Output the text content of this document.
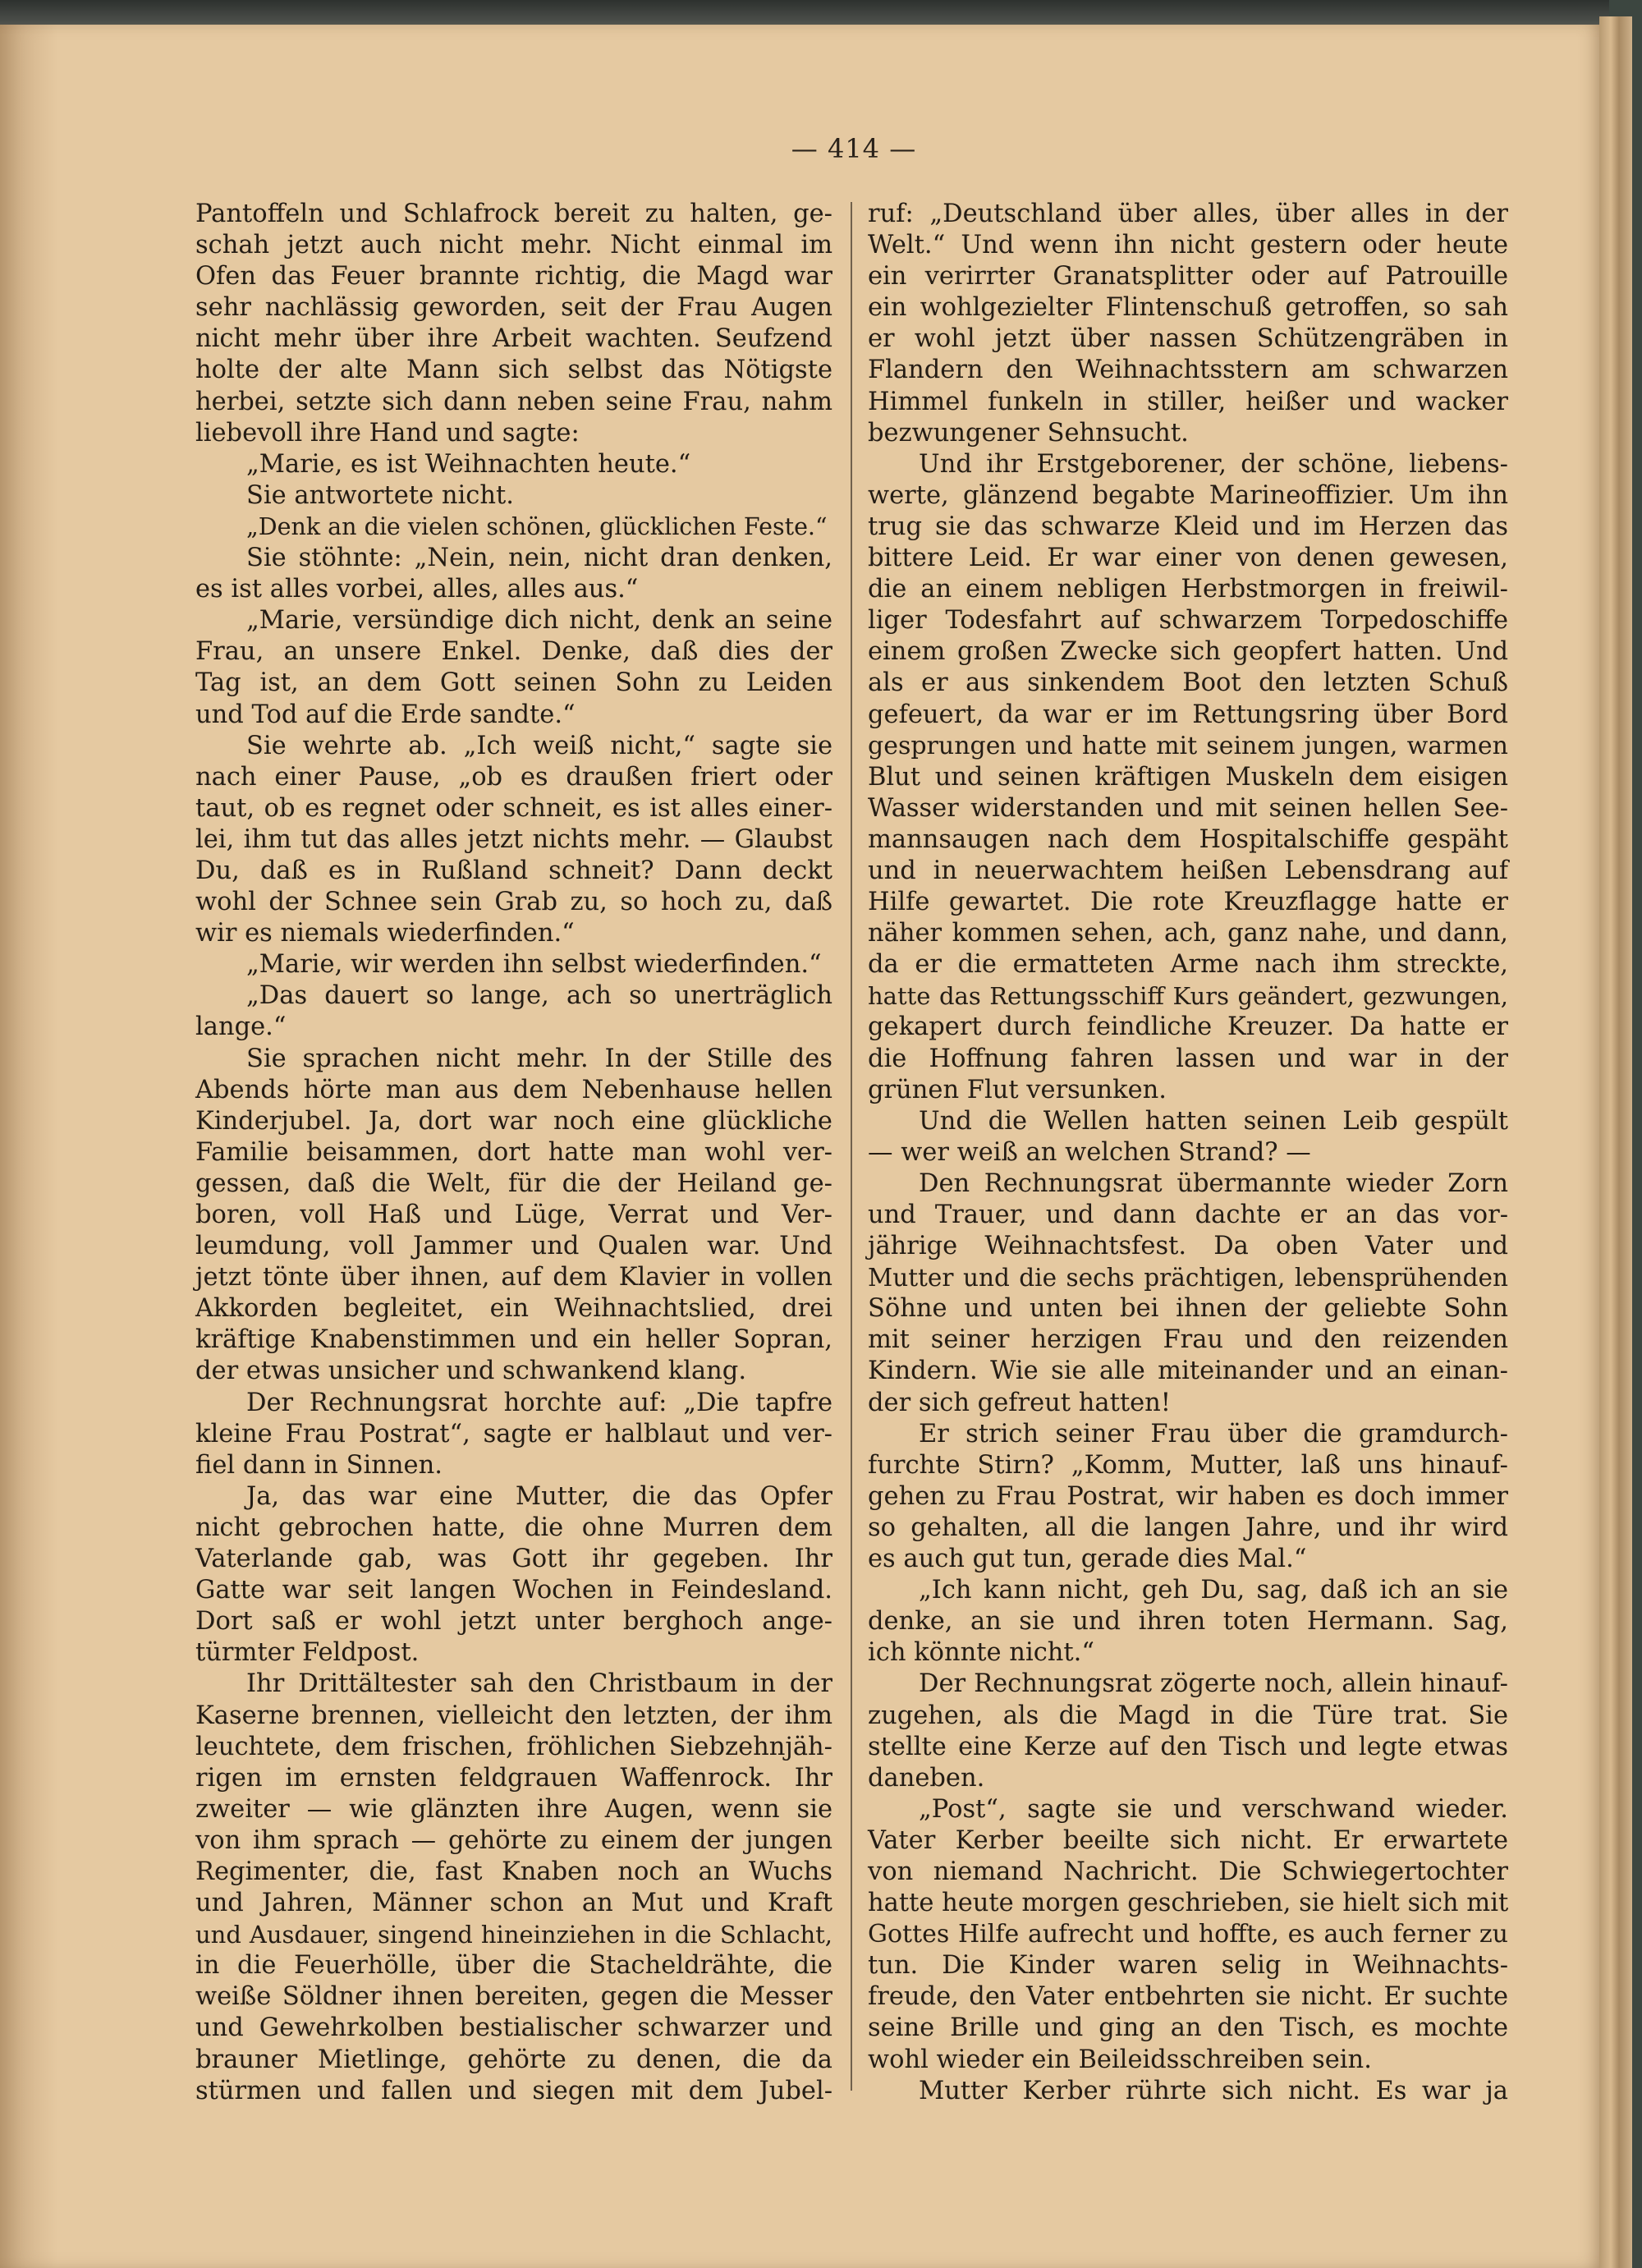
— 414 —
Pantoffeln und Schlafrock bereit zu halten, ge-
schah jetzt auch nicht mehr. Nicht einmal im
Ofen das Feuer brannte richtig, die Magd war
sehr nachlässig geworden, seit der Frau Augen
nicht mehr über ihre Arbeit wachten. Seufzend
holte der alte Mann sich selbst das Nötigste
herbei, setzte sich dann neben seine Frau, nahm
liebevoll ihre Hand und sagte:
„Marie, es ist Weihnachten heute.“
Sie antwortete nicht.
„Denk an die vielen schönen, glücklichen Feste.“
Sie stöhnte: „Nein, nein, nicht dran denken,
es ist alles vorbei, alles, alles aus.“
„Marie, versündige dich nicht, denk an seine
Frau, an unsere Enkel. Denke, daß dies der
Tag ist, an dem Gott seinen Sohn zu Leiden
und Tod auf die Erde sandte.“
Sie wehrte ab. „Ich weiß nicht,“ sagte sie
nach einer Pause, „ob es draußen friert oder
taut, ob es regnet oder schneit, es ist alles einer-
lei, ihm tut das alles jetzt nichts mehr. — Glaubst
Du, daß es in Rußland schneit? Dann deckt
wohl der Schnee sein Grab zu, so hoch zu, daß
wir es niemals wiederfinden.“
„Marie, wir werden ihn selbst wiederfinden.“
„Das dauert so lange, ach so unerträglich
lange.“
Sie sprachen nicht mehr. In der Stille des
Abends hörte man aus dem Nebenhause hellen
Kinderjubel. Ja, dort war noch eine glückliche
Familie beisammen, dort hatte man wohl ver-
gessen, daß die Welt, für die der Heiland ge-
boren, voll Haß und Lüge, Verrat und Ver-
leumdung, voll Jammer und Qualen war. Und
jetzt tönte über ihnen, auf dem Klavier in vollen
Akkorden begleitet, ein Weihnachtslied, drei
kräftige Knabenstimmen und ein heller Sopran,
der etwas unsicher und schwankend klang.
Der Rechnungsrat horchte auf: „Die tapfre
kleine Frau Postrat“, sagte er halblaut und ver-
fiel dann in Sinnen.
Ja, das war eine Mutter, die das Opfer
nicht gebrochen hatte, die ohne Murren dem
Vaterlande gab, was Gott ihr gegeben. Ihr
Gatte war seit langen Wochen in Feindesland.
Dort saß er wohl jetzt unter berghoch ange-
türmter Feldpost.
Ihr Drittältester sah den Christbaum in der
Kaserne brennen, vielleicht den letzten, der ihm
leuchtete, dem frischen, fröhlichen Siebzehnjäh-
rigen im ernsten feldgrauen Waffenrock. Ihr
zweiter — wie glänzten ihre Augen, wenn sie
von ihm sprach — gehörte zu einem der jungen
Regimenter, die, fast Knaben noch an Wuchs
und Jahren, Männer schon an Mut und Kraft
und Ausdauer, singend hineinziehen in die Schlacht,
in die Feuerhölle, über die Stacheldrähte, die
weiße Söldner ihnen bereiten, gegen die Messer
und Gewehrkolben bestialischer schwarzer und
brauner Mietlinge, gehörte zu denen, die da
stürmen und fallen und siegen mit dem Jubel-
ruf: „Deutschland über alles, über alles in der
Welt.“ Und wenn ihn nicht gestern oder heute
ein verirrter Granatsplitter oder auf Patrouille
ein wohlgezielter Flintenschuß getroffen, so sah
er wohl jetzt über nassen Schützengräben in
Flandern den Weihnachtsstern am schwarzen
Himmel funkeln in stiller, heißer und wacker
bezwungener Sehnsucht.
Und ihr Erstgeborener, der schöne, liebens-
werte, glänzend begabte Marineoffizier. Um ihn
trug sie das schwarze Kleid und im Herzen das
bittere Leid. Er war einer von denen gewesen,
die an einem nebligen Herbstmorgen in freiwil-
liger Todesfahrt auf schwarzem Torpedoschiffe
einem großen Zwecke sich geopfert hatten. Und
als er aus sinkendem Boot den letzten Schuß
gefeuert, da war er im Rettungsring über Bord
gesprungen und hatte mit seinem jungen, warmen
Blut und seinen kräftigen Muskeln dem eisigen
Wasser widerstanden und mit seinen hellen See-
mannsaugen nach dem Hospitalschiffe gespäht
und in neuerwachtem heißen Lebensdrang auf
Hilfe gewartet. Die rote Kreuzflagge hatte er
näher kommen sehen, ach, ganz nahe, und dann,
da er die ermatteten Arme nach ihm streckte,
hatte das Rettungsschiff Kurs geändert, gezwungen,
gekapert durch feindliche Kreuzer. Da hatte er
die Hoffnung fahren lassen und war in der
grünen Flut versunken.
Und die Wellen hatten seinen Leib gespült
— wer weiß an welchen Strand? —
Den Rechnungsrat übermannte wieder Zorn
und Trauer, und dann dachte er an das vor-
jährige Weihnachtsfest. Da oben Vater und
Mutter und die sechs prächtigen, lebensprühenden
Söhne und unten bei ihnen der geliebte Sohn
mit seiner herzigen Frau und den reizenden
Kindern. Wie sie alle miteinander und an einan-
der sich gefreut hatten!
Er strich seiner Frau über die gramdurch-
furchte Stirn? „Komm, Mutter, laß uns hinauf-
gehen zu Frau Postrat, wir haben es doch immer
so gehalten, all die langen Jahre, und ihr wird
es auch gut tun, gerade dies Mal.“
„Ich kann nicht, geh Du, sag, daß ich an sie
denke, an sie und ihren toten Hermann. Sag,
ich könnte nicht.“
Der Rechnungsrat zögerte noch, allein hinauf-
zugehen, als die Magd in die Türe trat. Sie
stellte eine Kerze auf den Tisch und legte etwas
daneben.
„Post“, sagte sie und verschwand wieder.
Vater Kerber beeilte sich nicht. Er erwartete
von niemand Nachricht. Die Schwiegertochter
hatte heute morgen geschrieben, sie hielt sich mit
Gottes Hilfe aufrecht und hoffte, es auch ferner zu
tun. Die Kinder waren selig in Weihnachts-
freude, den Vater entbehrten sie nicht. Er suchte
seine Brille und ging an den Tisch, es mochte
wohl wieder ein Beileidsschreiben sein.
Mutter Kerber rührte sich nicht. Es war ja
